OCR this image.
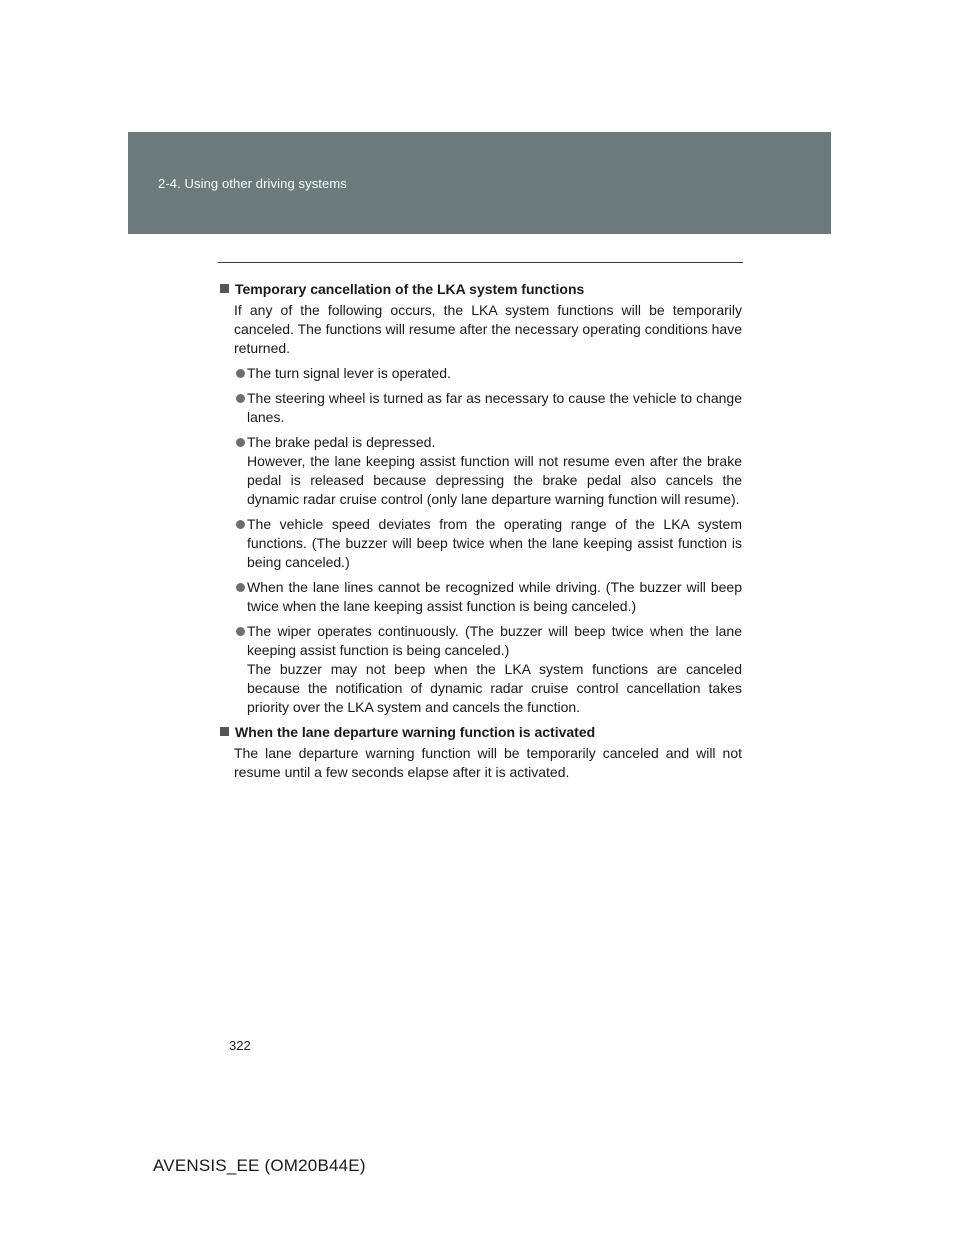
2-4. Using other driving systems
Temporary cancellation of the LKA system functions
If any of the following occurs, the LKA system functions will be temporarily canceled. The functions will resume after the necessary operating conditions have returned.
The turn signal lever is operated.
The steering wheel is turned as far as necessary to cause the vehicle to change lanes.
The brake pedal is depressed.
However, the lane keeping assist function will not resume even after the brake pedal is released because depressing the brake pedal also cancels the dynamic radar cruise control (only lane departure warning function will resume).
The vehicle speed deviates from the operating range of the LKA system functions. (The buzzer will beep twice when the lane keeping assist function is being canceled.)
When the lane lines cannot be recognized while driving. (The buzzer will beep twice when the lane keeping assist function is being canceled.)
The wiper operates continuously. (The buzzer will beep twice when the lane keeping assist function is being canceled.)
The buzzer may not beep when the LKA system functions are canceled because the notification of dynamic radar cruise control cancellation takes priority over the LKA system and cancels the function.
When the lane departure warning function is activated
The lane departure warning function will be temporarily canceled and will not resume until a few seconds elapse after it is activated.
322
AVENSIS_EE (OM20B44E)
